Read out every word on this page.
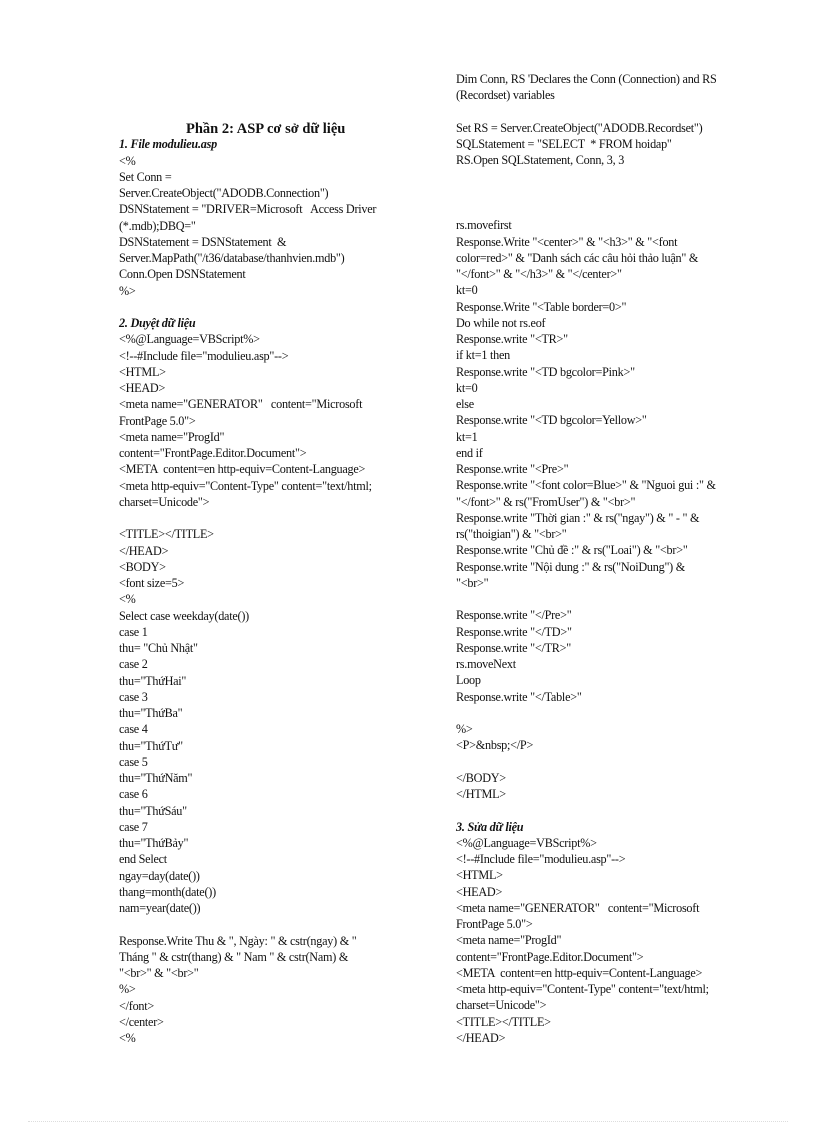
Phần 2: ASP cơ sở dữ liệu
1. File modulieu.asp
<%
Set Conn =
Server.CreateObject("ADODB.Connection")
DSNStatement = "DRIVER=Microsoft   Access Driver
(*.mdb);DBQ="
DSNStatement = DSNStatement  &
Server.MapPath("/t36/database/thanhvien.mdb")
Conn.Open DSNStatement
%>
2. Duyệt dữ liệu
<%@Language=VBScript%>
<!--#Include file="modulieu.asp"-->
<HTML>
<HEAD>
<meta name="GENERATOR"   content="Microsoft
FrontPage 5.0">
<meta name="ProgId"
content="FrontPage.Editor.Document">
<META  content=en http-equiv=Content-Language>
<meta http-equiv="Content-Type" content="text/html;
charset=Unicode">
<TITLE></TITLE>
</HEAD>
<BODY>
<font size=5>
<%
Select case weekday(date())
case 1
thu= "Chủ Nhật"
case 2
thu="ThứHai"
case 3
thu="ThứBa"
case 4
thu="ThứTư"
case 5
thu="ThứNăm"
case 6
thu="ThứSáu"
case 7
thu="ThứBảy"
end Select
ngay=day(date())
thang=month(date())
nam=year(date())
Response.Write Thu & ", Ngày: " & cstr(ngay) & "
Tháng " & cstr(thang) & " Nam " & cstr(Nam) &
"<br>" & "<br>"
%>
</font>
</center>
<%
Dim Conn, RS 'Declares the Conn (Connection) and RS
(Recordset) variables
Set RS = Server.CreateObject("ADODB.Recordset")
SQLStatement = "SELECT  * FROM hoidap"
RS.Open SQLStatement, Conn, 3, 3
rs.movefirst
Response.Write "<center>" & "<h3>" & "<font
color=red>" & "Danh sách các câu hỏi thảo luận" &
"</font>" & "</h3>" & "</center>"
kt=0
Response.Write "<Table border=0>"
Do while not rs.eof
Response.write "<TR>"
if kt=1 then
Response.write "<TD bgcolor=Pink>"
kt=0
else
Response.write "<TD bgcolor=Yellow>"
kt=1
end if
Response.write "<Pre>"
Response.write "<font color=Blue>" & "Nguoi gui :" &
"</font>" & rs("FromUser") & "<br>"
Response.write "Thời gian :" & rs("ngay") & " - " &
rs("thoigian") & "<br>"
Response.write "Chủ đề :" & rs("Loai") & "<br>"
Response.write "Nội dung :" & rs("NoiDung") &
"<br>"
Response.write "</Pre>"
Response.write "</TD>"
Response.write "</TR>"
rs.moveNext
Loop
Response.write "</Table>"
%>
<P>&nbsp;</P>
</BODY>
</HTML>
3. Sửa dữ liệu
<%@Language=VBScript%>
<!--#Include file="modulieu.asp"-->
<HTML>
<HEAD>
<meta name="GENERATOR"   content="Microsoft
FrontPage 5.0">
<meta name="ProgId"
content="FrontPage.Editor.Document">
<META  content=en http-equiv=Content-Language>
<meta http-equiv="Content-Type" content="text/html;
charset=Unicode">
<TITLE></TITLE>
</HEAD>
